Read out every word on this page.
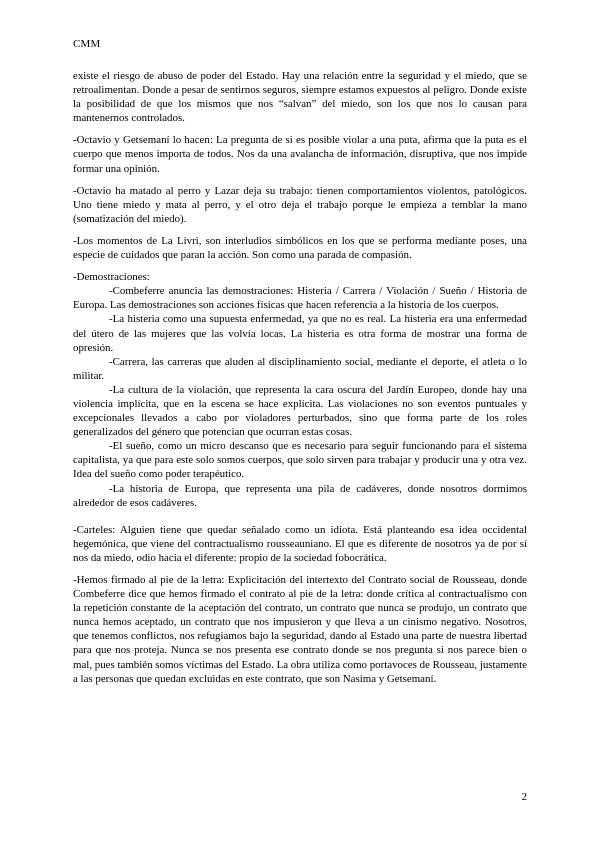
CMM

existe el riesgo de abuso de poder del Estado. Hay una relación entre la seguridad y el miedo, que se retroalimentan. Donde a pesar de sentirnos seguros, siempre estamos expuestos al peligro. Donde existe la posibilidad de que los mismos que nos “salvan” del miedo, son los que nos lo causan para mantenernos controlados.

-Octavio y Getsemaní lo hacen: La pregunta de si es posible violar a una puta, afirma que la puta es el cuerpo que menos importa de todos. Nos da una avalancha de información, disruptiva, que nos impide formar una opinión.

-Octavio ha matado al perro y Lazar deja su trabajo: tienen comportamientos violentos, patológicos. Uno tiene miedo y mata al perro, y el otro deja el trabajo porque le empieza a temblar la mano (somatización del miedo).

-Los momentos de La Livri, son interludios simbólicos en los que se performa mediante poses, una especie de cuidados que paran la acción. Son como una parada de compasión.

-Demostraciones:

-Combeferre anuncia las demostraciones: Histeria / Carrera / Violación / Sueño / Historia de Europa. Las demostraciones son acciones físicas que hacen referencia a la historia de los cuerpos.

-La histeria como una supuesta enfermedad, ya que no es real. La histeria era una enfermedad del útero de las mujeres que las volvía locas. La histeria es otra forma de mostrar una forma de opresión.

-Carrera, las carreras que aluden al disciplinamiento social, mediante el deporte, el atleta o lo militar.

-La cultura de la violación, que representa la cara oscura del Jardín Europeo, donde hay una violencia implícita, que en la escena se hace explícita. Las violaciones no son eventos puntuales y excepcionales llevados a cabo por violadores perturbados, sino que forma parte de los roles generalizados del género que potencian que ocurran estas cosas.

-El sueño, como un micro descanso que es necesario para seguir funcionando para el sistema capitalista, ya que para este solo somos cuerpos, que solo sirven para trabajar y producir una y otra vez. Idea del sueño como poder terapéutico.

-La historia de Europa, que representa una pila de cadáveres, donde nosotros dormimos alrededor de esos cadáveres.

-Carteles: Alguien tiene que quedar señalado como un idiota. Está planteando esa idea occidental hegemónica, que viene del contractualismo rousseauniano. El que es diferente de nosotros ya de por sí nos da miedo, odio hacia el diferente: propio de la sociedad fobocrática.

-Hemos firmado al pie de la letra: Explicitación del intertexto del Contrato social de Rousseau, donde Combeferre dice que hemos firmado el contrato al pie de la letra: donde crítica al contractualismo con la repetición constante de la aceptación del contrato, un contrato que nunca se produjo, un contrato que nunca hemos aceptado, un contrato que nos impusieron y que lleva a un cinismo negativo. Nosotros, que tenemos conflictos, nos refugiamos bajo la seguridad, dando al Estado una parte de nuestra libertad para que nos proteja. Nunca se nos presenta ese contrato donde se nos pregunta si nos parece bien o mal, pues también somos víctimas del Estado. La obra utiliza como portavoces de Rousseau, justamente a las personas que quedan excluidas en este contrato, que son Nasima y Getsemaní.

2
